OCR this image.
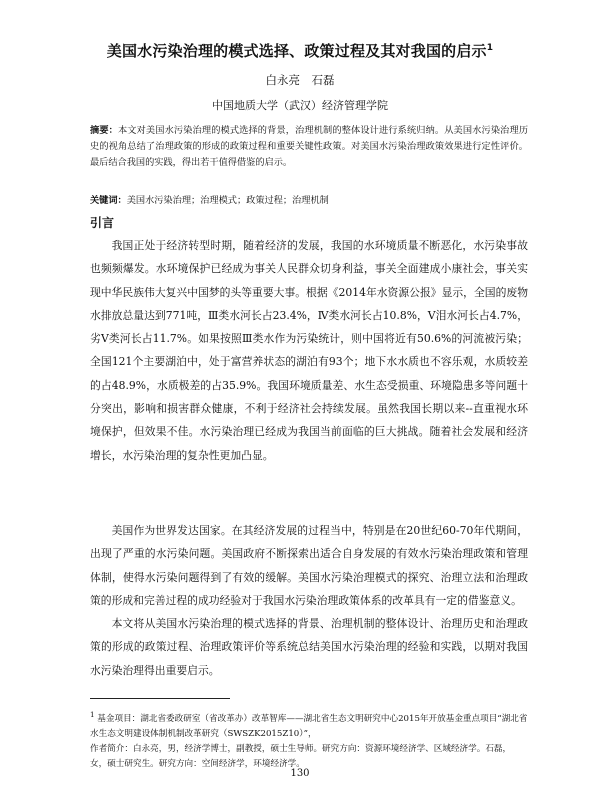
美国水污染治理的模式选择、政策过程及其对我国的启示$^1$
白永亮　石磊
中国地质大学（武汉）经济管理学院
摘要：本文对美国水污染治理的模式选择的背景，治理机制的整体设计进行系统归纳。从美国水污染治理历史的视角总结了治理政策的形成的政策过程和重要关键性政策。对美国水污染治理政策效果进行定性评价。最后结合我国的实践，得出若干值得借鉴的启示。
关键词：美国水污染治理；治理模式；政策过程；治理机制
引言

我国正处于经济转型时期，随着经济的发展，我国的水环境质量不断恶化，水污染事故也频频爆发。水环境保护已经成为事关人民群众切身利益，事关全面建成小康社会，事关实现中华民族伟大复兴中国梦的头等重要大事。根据《2014年水资源公报》显示，全国的废物水排放总量达到771吨，Ⅲ类水河长占23.4%，Ⅳ类水河长占10.8%，Ⅴ泪水河长占4.7%，劣Ⅴ类河长占11.7%。如果按照Ⅲ类水作为污染统计，则中国将近有50.6%的河流被污染；全国121个主要湖泊中，处于富营养状态的湖泊有93个；地下水水质也不容乐观，水质较差的占48.9%，水质极差的占35.9%。我国环境质量差、水生态受损重、环境隐患多等问题十分突出，影响和损害群众健康，不利于经济社会持续发展。虽然我国长期以来--直重视水环境保护，但效果不佳。水污染治理已经成为我国当前面临的巨大挑战。随着社会发展和经济增长，水污染治理的复杂性更加凸显。

美国作为世界发达国家。在其经济发展的过程当中，特别是在20世纪60-70年代期间，出现了严重的水污染问题。美国政府不断探索出适合自身发展的有效水污染治理政策和管理体制，使得水污染问题得到了有效的缓解。美国水污染治理模式的探究、治理立法和治理政策的形成和完善过程的成功经验对于我国水污染治理政策体系的改革具有一定的借鉴意义。

本文将从美国水污染治理的模式选择的背景、治理机制的整体设计、治理历史和治理政策的形成的政策过程、治理政策评价等系统总结美国水污染治理的经验和实践，以期对我国水污染治理得出重要启示。

$^1$ 基金项目：湖北省委政研室（省改革办）改革智库——湖北省生态文明研究中心2015年开放基金重点项目“湖北省水生态文明建设体制机制改革研究（SWSZK2015Z10）”，
作者简介：白永亮，男，经济学博士，副教授，硕士生导师。研究方向：资源环境经济学、区域经济学。石磊，女，硕士研究生。研究方向：空间经济学，环境经济学。
130
